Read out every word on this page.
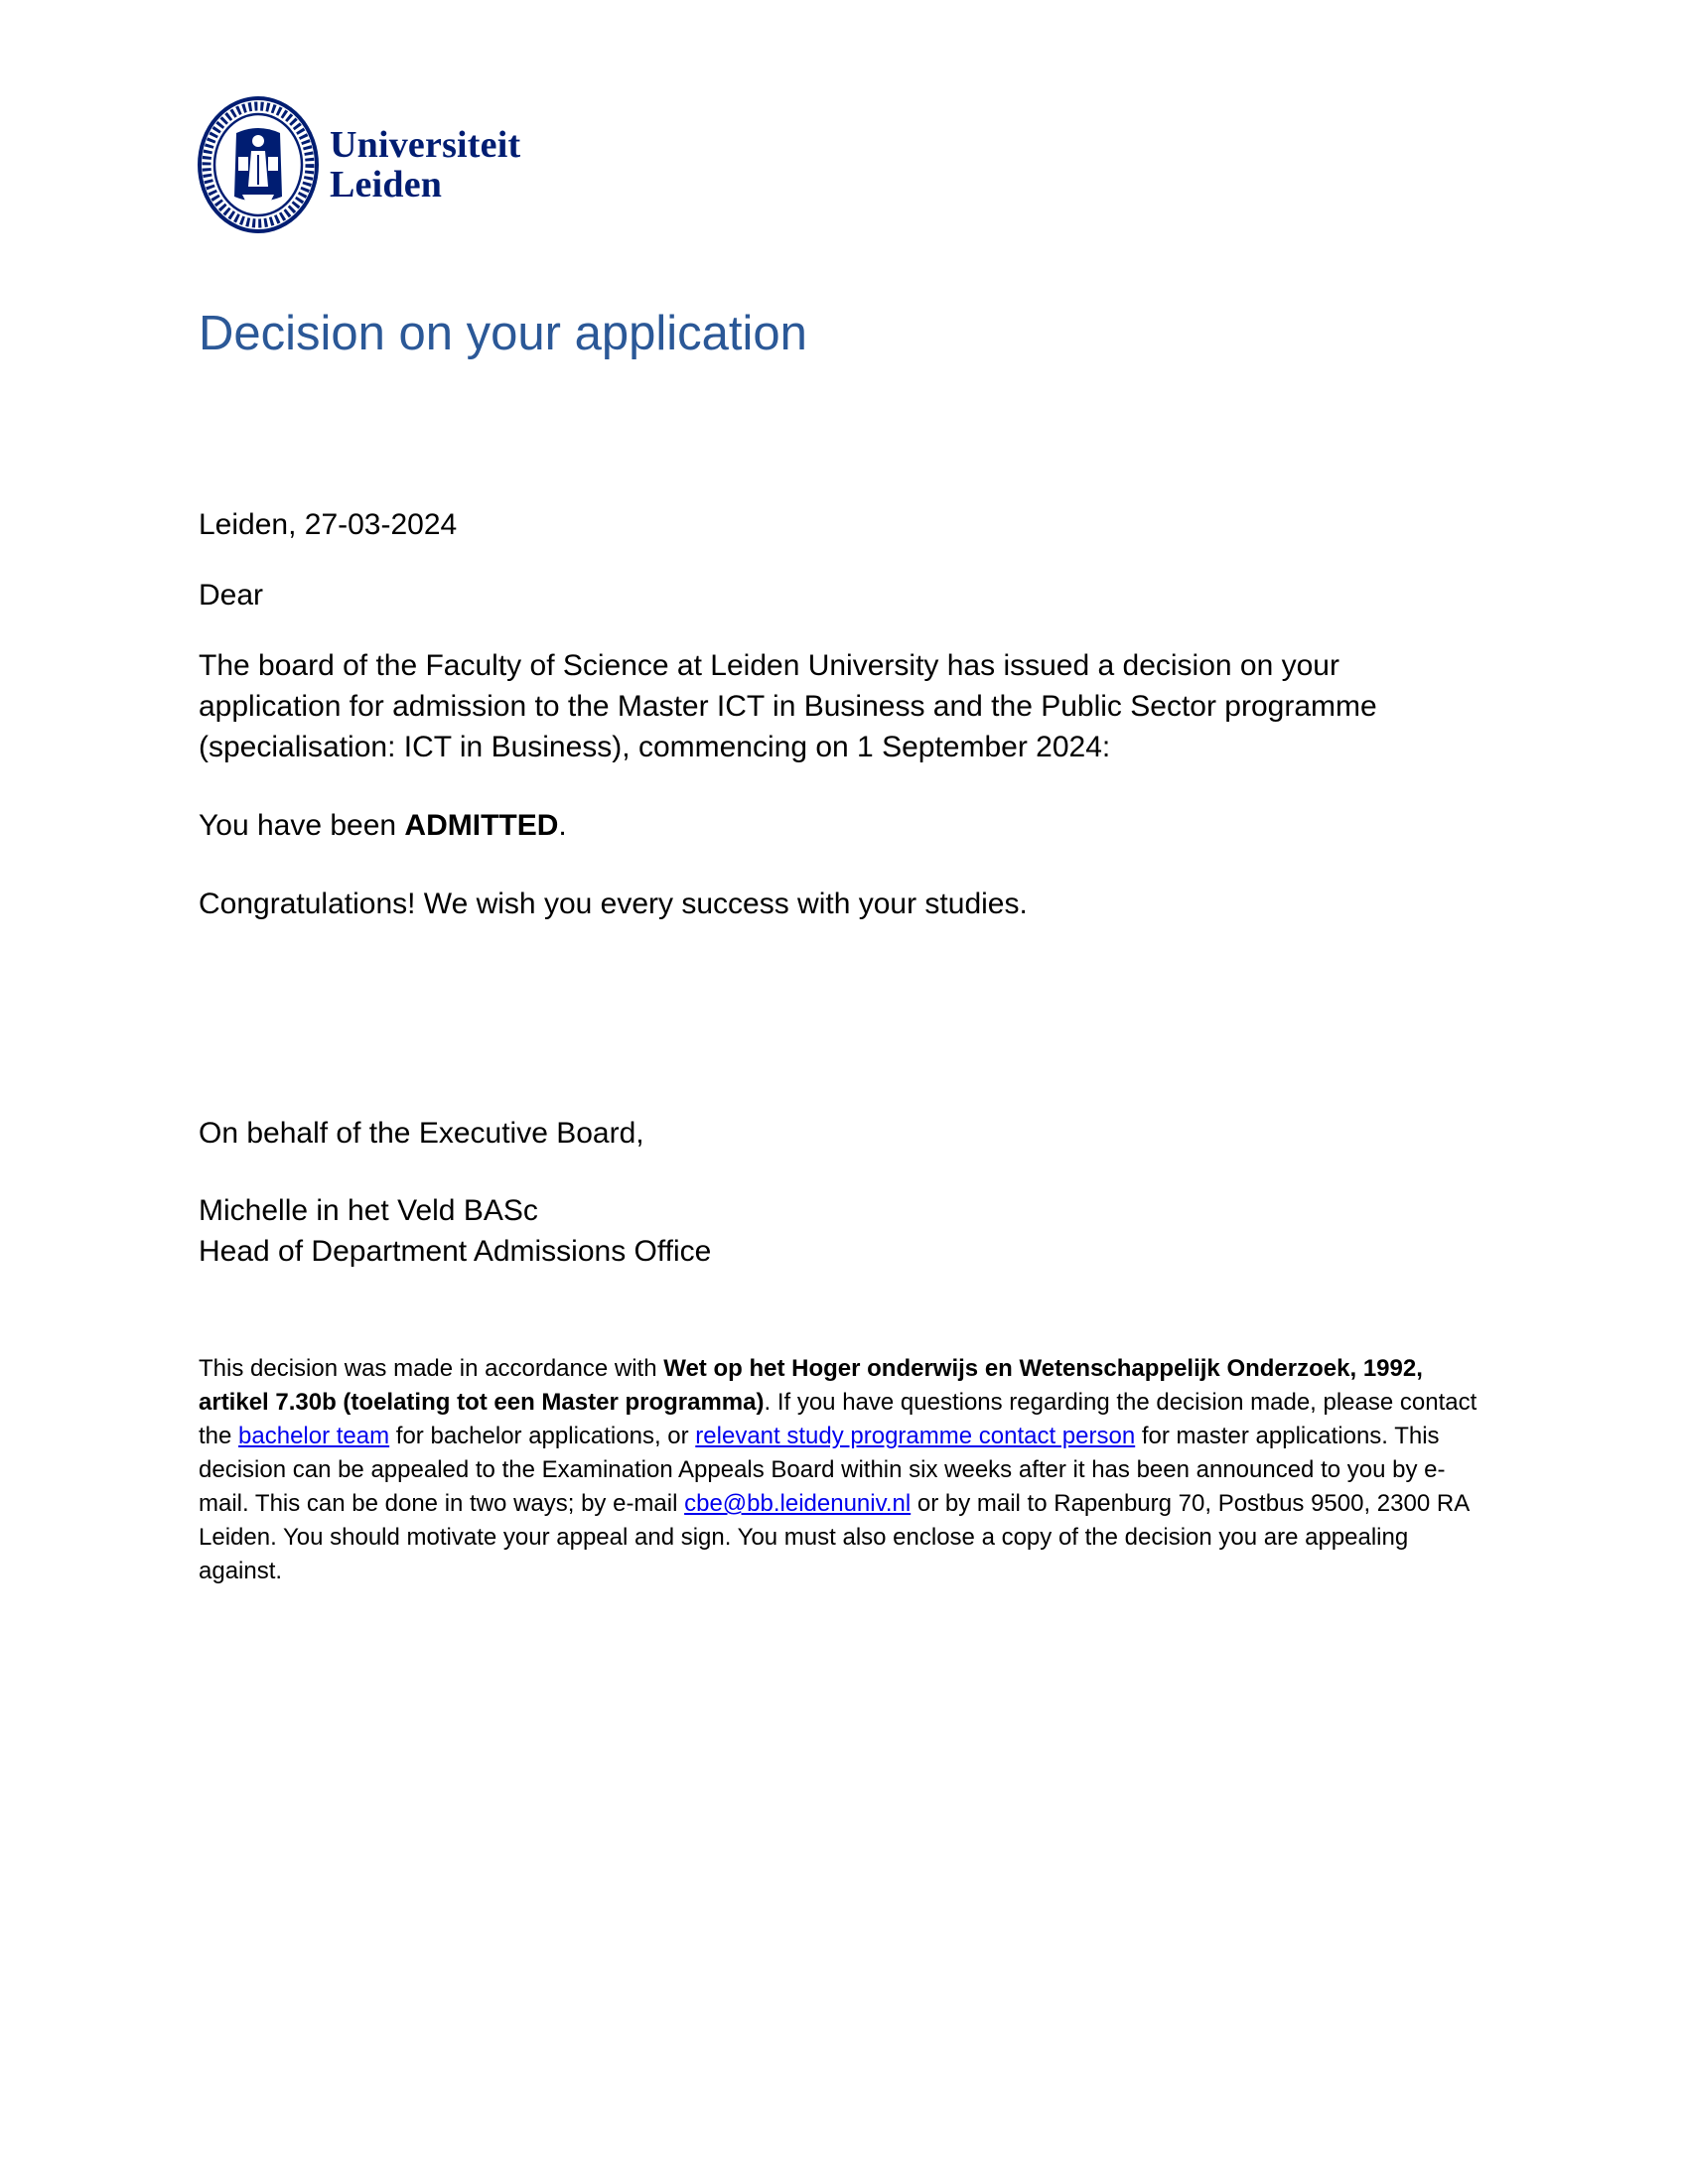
Universiteit
Leiden
Decision on your application

Leiden, 27-03-2024

Dear

The board of the Faculty of Science at Leiden University has issued a decision on your application for admission to the Master ICT in Business and the Public Sector programme (specialisation: ICT in Business), commencing on 1 September 2024:

You have been ADMITTED.

Congratulations! We wish you every success with your studies.

On behalf of the Executive Board,

Michelle in het Veld BASc
Head of Department Admissions Office

This decision was made in accordance with Wet op het Hoger onderwijs en Wetenschappelijk Onderzoek, 1992, artikel 7.30b (toelating tot een Master programma). If you have questions regarding the decision made, please contact the bachelor team for bachelor applications, or relevant study programme contact person for master applications. This decision can be appealed to the Examination Appeals Board within six weeks after it has been announced to you by e-mail. This can be done in two ways; by e-mail cbe@bb.leidenuniv.nl or by mail to Rapenburg 70, Postbus 9500, 2300 RA Leiden. You should motivate your appeal and sign. You must also enclose a copy of the decision you are appealing against.
